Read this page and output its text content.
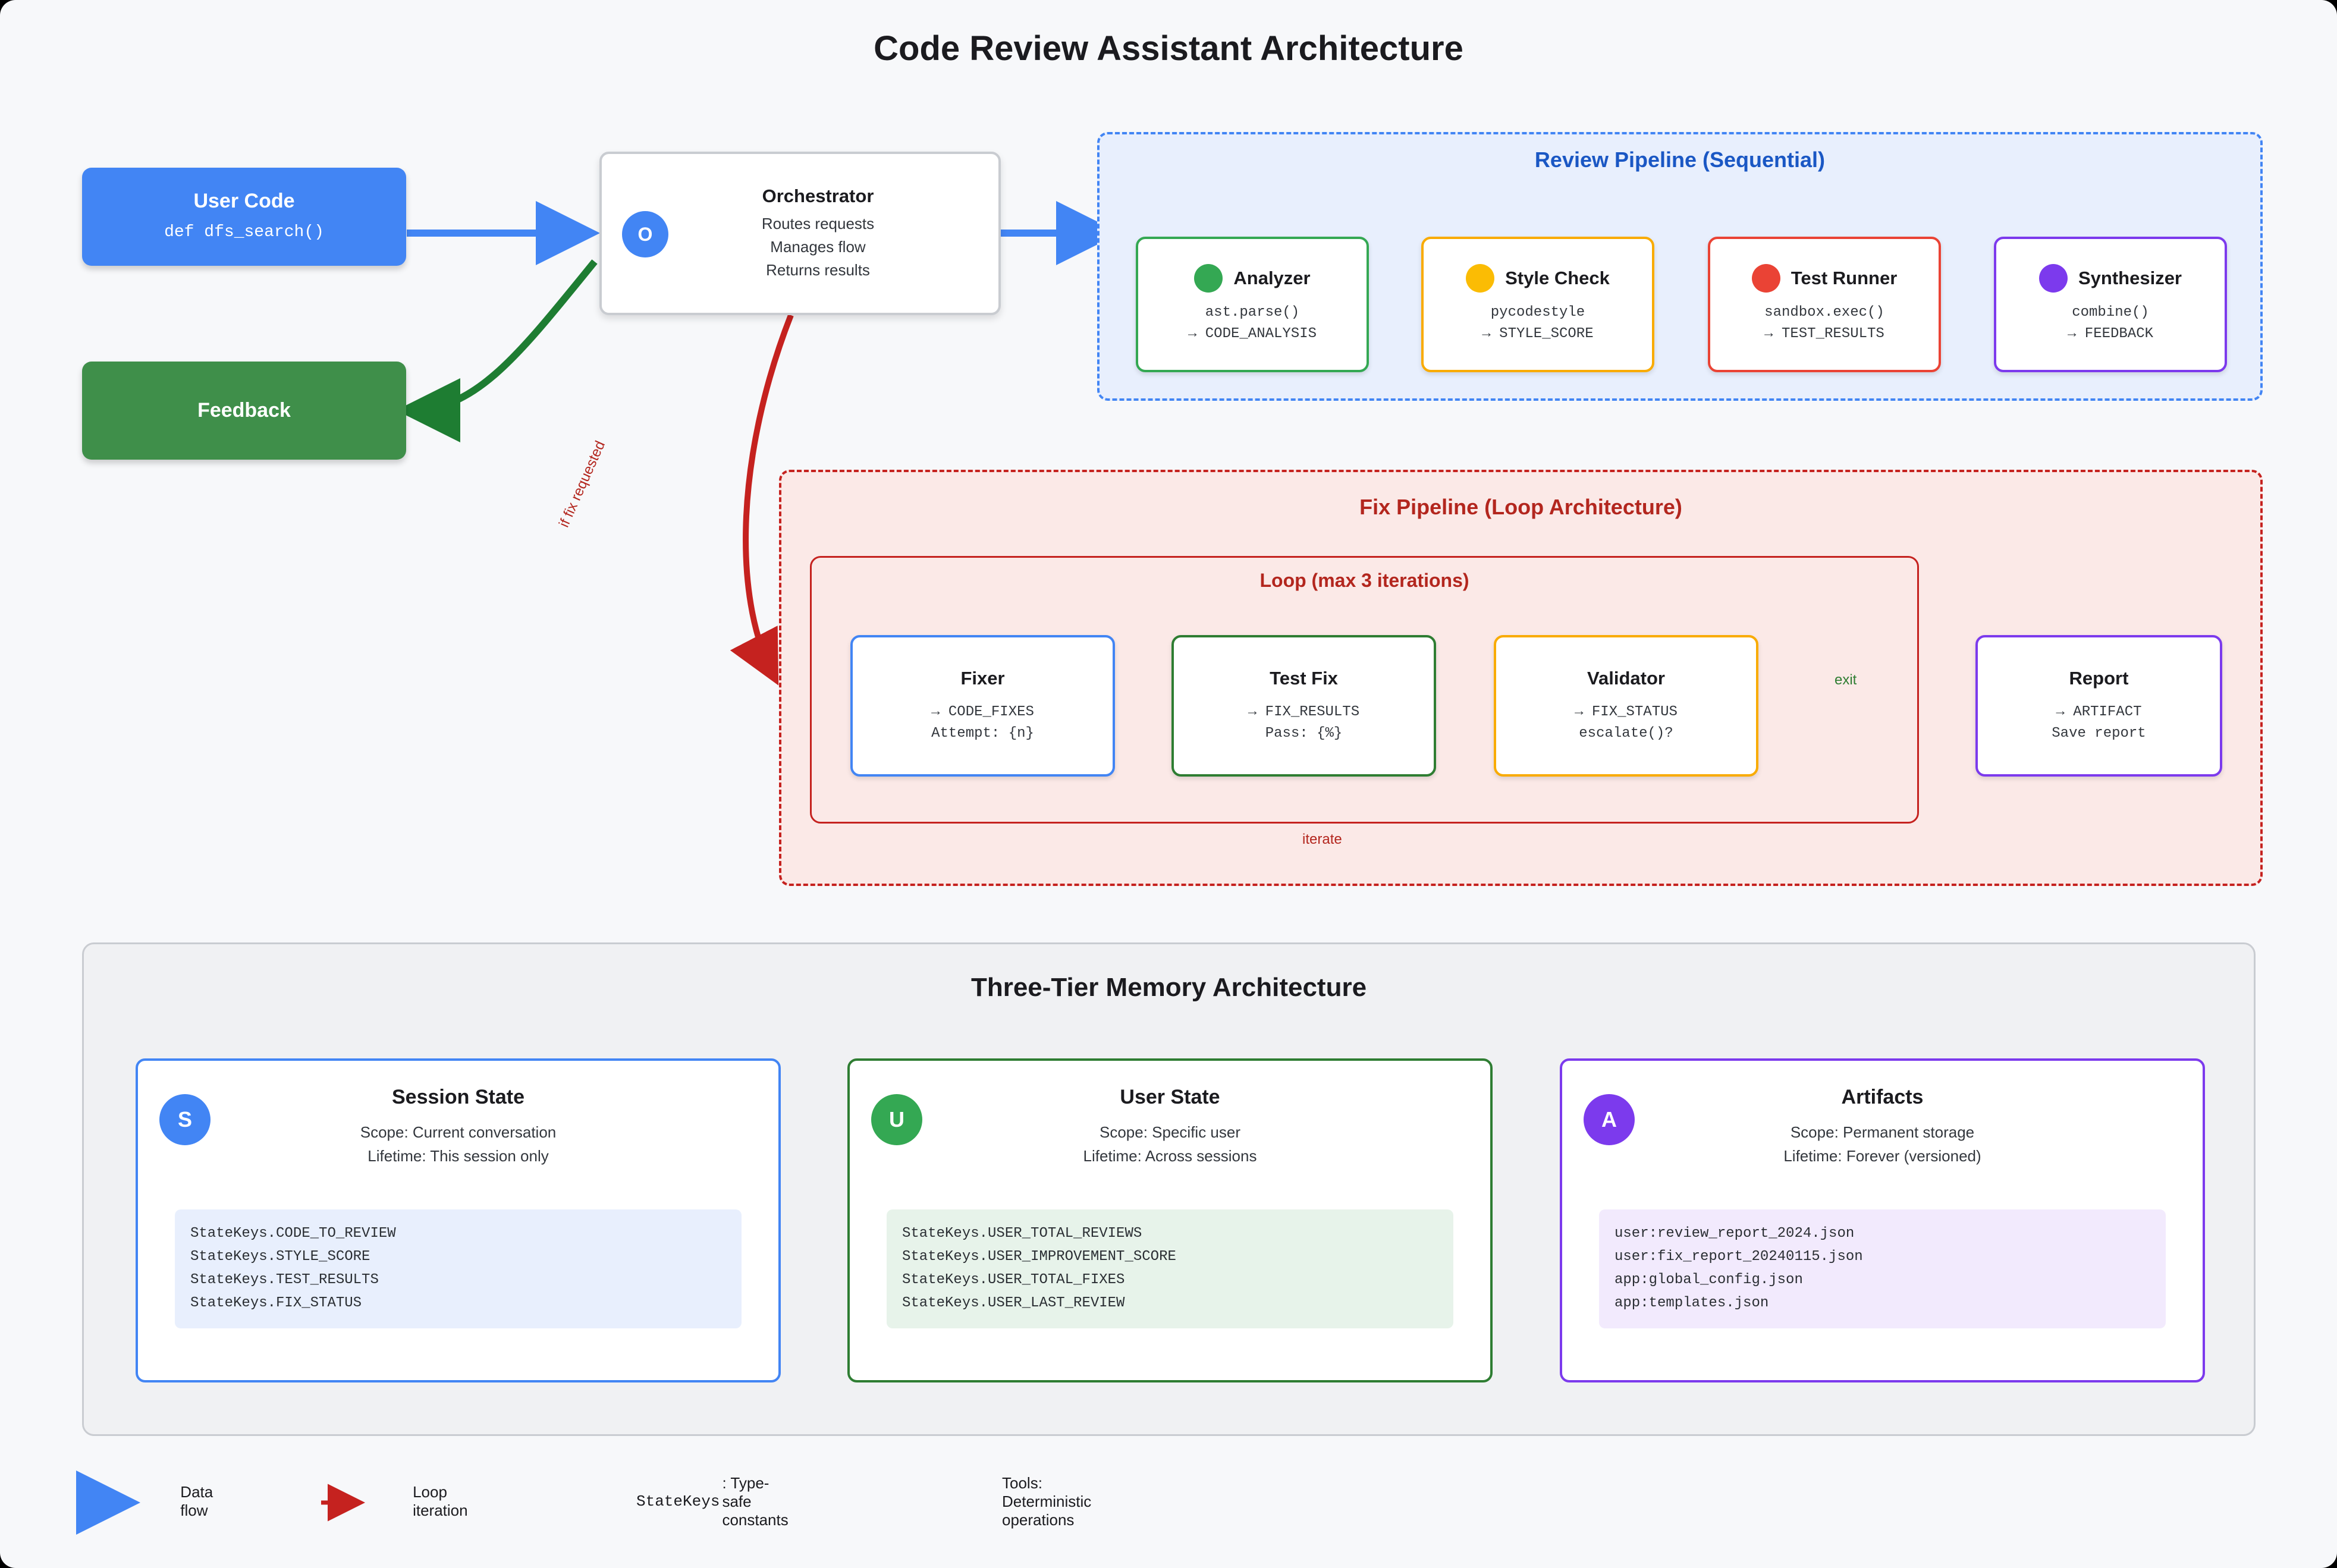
Code Review Assistant Architecture
User Code
def dfs_search()
Feedback
Orchestrator
Routes requests
Manages flow
Returns results
O
Review Pipeline (Sequential)
Analyzer
ast.parse()
→ CODE_ANALYSIS
Style Check
pycodestyle
→ STYLE_SCORE
Test Runner
sandbox.exec()
→ TEST_RESULTS
Synthesizer
combine()
→ FEEDBACK
Fix Pipeline (Loop Architecture)
Loop (max 3 iterations)
Fixer
→ CODE_FIXES
Attempt: {n}
Test Fix
→ FIX_RESULTS
Pass: {%}
Validator
→ FIX_STATUS
escalate()?
Report
→ ARTIFACT
Save report
if fix requested
exit
iterate
Three-Tier Memory Architecture
Session State
Scope: Current conversation
Lifetime: This session only
StateKeys.CODE_TO_REVIEW
StateKeys.STYLE_SCORE
StateKeys.TEST_RESULTS
StateKeys.FIX_STATUS
S
User State
Scope: Specific user
Lifetime: Across sessions
StateKeys.USER_TOTAL_REVIEWS
StateKeys.USER_IMPROVEMENT_SCORE
StateKeys.USER_TOTAL_FIXES
StateKeys.USER_LAST_REVIEW
U
Artifacts
Scope: Permanent storage
Lifetime: Forever (versioned)
user:review_report_2024.json
user:fix_report_20240115.json
app:global_config.json
app:templates.json
A
Data flow
Loop iteration	StateKeys
: Type-safe constants
Tools: Deterministic operations
